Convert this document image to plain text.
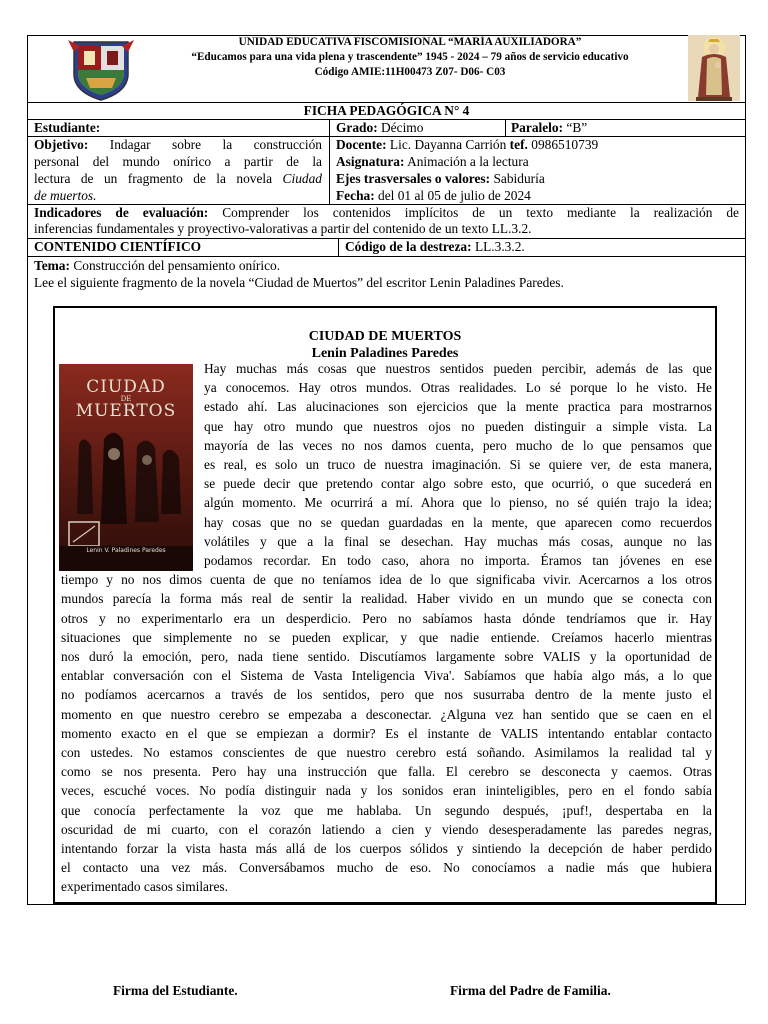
UNIDAD EDUCATIVA FISCOMISIONAL “MARÍA AUXILIADORA”
“Educamos para una vida plena y trascendente” 1945 - 2024 – 79 años de servicio educativo
Código AMIE:11H00473 Z07- D06- C03
FICHA PEDAGÓGICA N° 4
Estudiante:	Grado: Décimo	Paralelo: “B”
Objetivo: Indagar sobre la construcción
personal del mundo onírico a partir de la
lectura de un fragmento de la novela Ciudad
de muertos.
Docente: Lic. Dayanna Carrión tef. 0986510739
Asignatura: Animación a la lectura
Ejes trasversales o valores: Sabiduría
Fecha: del 01 al 05 de julio de 2024
Indicadores de evaluación: Comprender los contenidos implícitos de un texto mediante la realización de
inferencias fundamentales y proyectivo-valorativas a partir del contenido de un texto LL.3.2.
CONTENIDO CIENTÍFICO	Código de la destreza: LL.3.3.2.
Tema: Construcción del pensamiento onírico.
Lee el siguiente fragmento de la novela “Ciudad de Muertos” del escritor Lenin Paladines Paredes.
CIUDAD DE MUERTOS
Lenin Paladines Paredes
CIUDAD
DE
MUERTOS
Lenin V. Paladines Paredes
Hay muchas más cosas que nuestros sentidos pueden percibir, además de las que
ya conocemos. Hay otros mundos. Otras realidades. Lo sé porque lo he visto. He
estado ahí. Las alucinaciones son ejercicios que la mente practica para mostrarnos
que hay otro mundo que nuestros ojos no pueden distinguir a simple vista. La
mayoría de las veces no nos damos cuenta, pero mucho de lo que pensamos que
es real, es solo un truco de nuestra imaginación. Si se quiere ver, de esta manera,
se puede decir que pretendo contar algo sobre esto, que ocurrió, o que sucederá en
algún momento. Me ocurrirá a mí. Ahora que lo pienso, no sé quién trajo la idea;
hay cosas que no se quedan guardadas en la mente, que aparecen como recuerdos
volátiles y que a la final se desechan. Hay muchas más cosas, aunque no las
podamos recordar. En todo caso, ahora no importa. Éramos tan jóvenes en ese
tiempo y no nos dimos cuenta de que no teníamos idea de lo que significaba vivir. Acercarnos a los otros
mundos parecía la forma más real de sentir la realidad. Haber vivido en un mundo que se conecta con
otros y no experimentarlo era un desperdicio. Pero no sabíamos hasta dónde tendríamos que ir. Hay
situaciones que simplemente no se pueden explicar, y que nadie entiende. Creíamos hacerlo mientras
nos duró la emoción, pero, nada tiene sentido. Discutíamos largamente sobre VALIS y la oportunidad de
entablar conversación con el Sistema de Vasta Inteligencia Viva'. Sabíamos que había algo más, a lo que
no podíamos acercarnos a través de los sentidos, pero que nos susurraba dentro de la mente justo el
momento en que nuestro cerebro se empezaba a desconectar. ¿Alguna vez han sentido que se caen en el
momento exacto en el que se empiezan a dormir? Es el instante de VALIS intentando entablar contacto
con ustedes. No estamos conscientes de que nuestro cerebro está soñando. Asimilamos la realidad tal y
como se nos presenta. Pero hay una instrucción que falla. El cerebro se desconecta y caemos. Otras
veces, escuché voces. No podía distinguir nada y los sonidos eran ininteligibles, pero en el fondo sabía
que conocía perfectamente la voz que me hablaba. Un segundo después, ¡puf!, despertaba en la
oscuridad de mi cuarto, con el corazón latiendo a cien y viendo desesperadamente las paredes negras,
intentando forzar la vista hasta más allá de los cuerpos sólidos y sintiendo la decepción de haber perdido
el contacto una vez más. Conversábamos mucho de eso. No conocíamos a nadie más que hubiera
experimentado casos similares.
Firma del Estudiante.	Firma del Padre de Familia.
